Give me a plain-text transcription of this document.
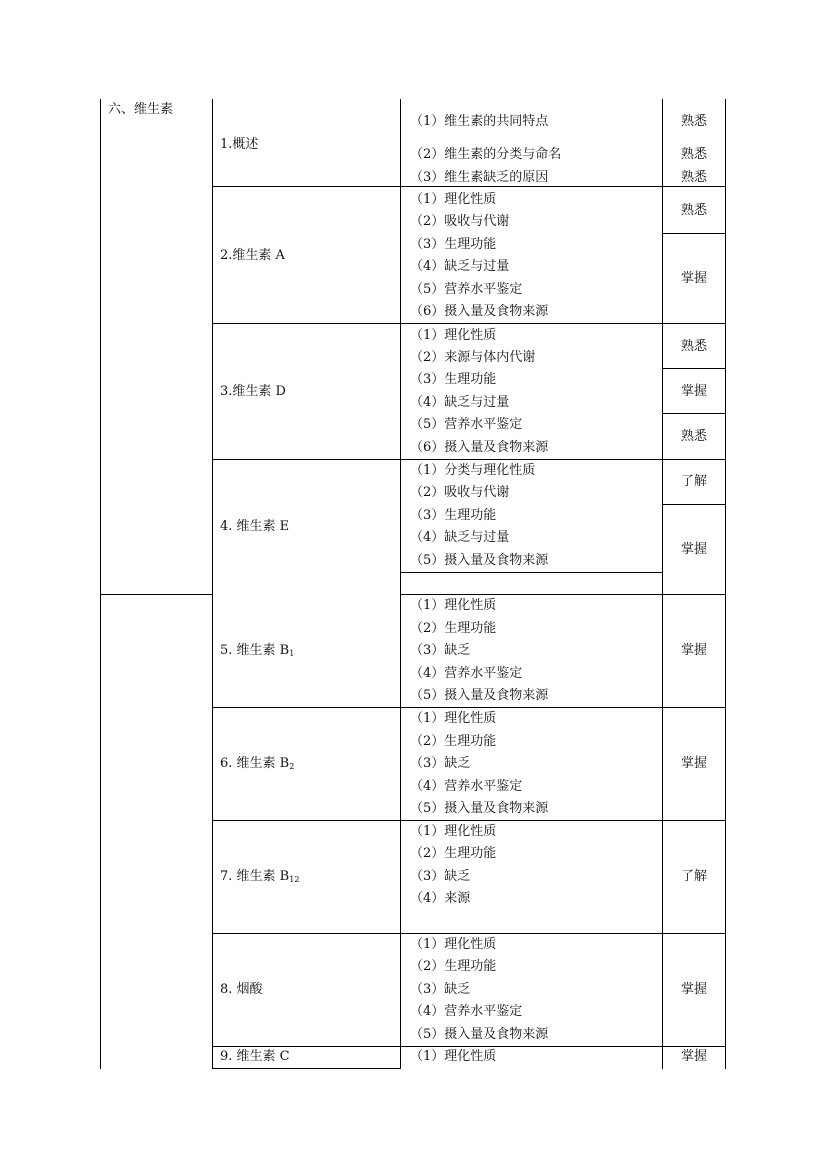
六、维生素
1.概述
（1）维生素的共同特点
（2）维生素的分类与命名
（3）维生素缺乏的原因
熟悉
熟悉
熟悉
2.维生素 A
（1）理化性质
（2）吸收与代谢
（3）生理功能
（4）缺乏与过量
（5）营养水平鉴定
（6）摄入量及食物来源
熟悉
掌握
3.维生素 D
（1）理化性质
（2）来源与体内代谢
（3）生理功能
（4）缺乏与过量
（5）营养水平鉴定
（6）摄入量及食物来源
熟悉
掌握
熟悉
4. 维生素 E
（1）分类与理化性质
（2）吸收与代谢
（3）生理功能
（4）缺乏与过量
（5）摄入量及食物来源
了解
掌握
5. 维生素 $B_1$
（1）理化性质
（2）生理功能
（3）缺乏
（4）营养水平鉴定
（5）摄入量及食物来源
掌握
6. 维生素 $B_2$
（1）理化性质
（2）生理功能
（3）缺乏
（4）营养水平鉴定
（5）摄入量及食物来源
掌握
7. 维生素 $B_{12}$
（1）理化性质
（2）生理功能
（3）缺乏
（4）来源
了解
8. 烟酸
（1）理化性质
（2）生理功能
（3）缺乏
（4）营养水平鉴定
（5）摄入量及食物来源
掌握
9. 维生素 C	（1）理化性质	掌握
